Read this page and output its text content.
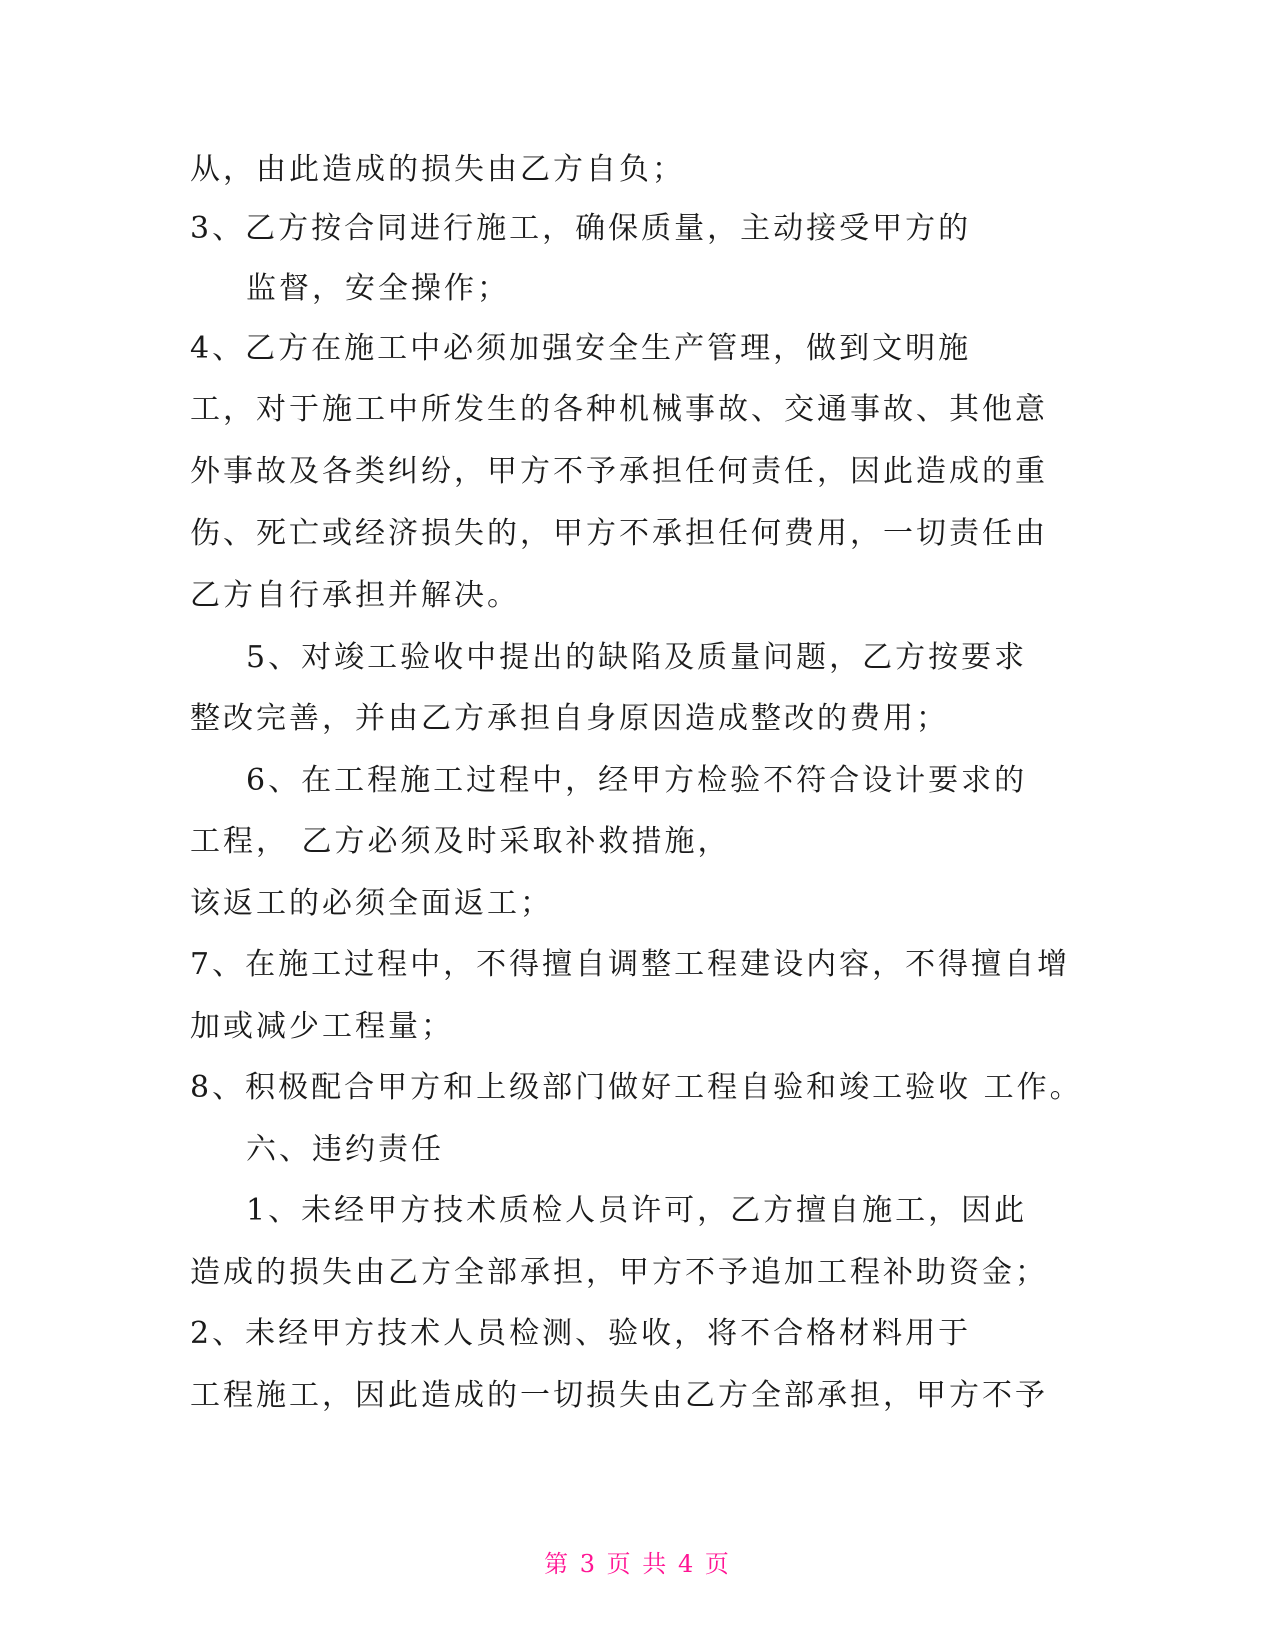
从，由此造成的损失由乙方自负；
3、乙方按合同进行施工，确保质量，主动接受甲方的
监督，安全操作；
4、乙方在施工中必须加强安全生产管理，做到文明施
工，对于施工中所发生的各种机械事故、交通事故、其他意
外事故及各类纠纷，甲方不予承担任何责任，因此造成的重
伤、死亡或经济损失的，甲方不承担任何费用，一切责任由
乙方自行承担并解决。
5、对竣工验收中提出的缺陷及质量问题，乙方按要求
整改完善，并由乙方承担自身原因造成整改的费用；
6、在工程施工过程中，经甲方检验不符合设计要求的
工程， 乙方必须及时采取补救措施，
该返工的必须全面返工；
7、在施工过程中，不得擅自调整工程建设内容，不得擅自增
加或减少工程量；
8、积极配合甲方和上级部门做好工程自验和竣工验收 工作。
六、违约责任
1、未经甲方技术质检人员许可，乙方擅自施工，因此
造成的损失由乙方全部承担，甲方不予追加工程补助资金；
2、未经甲方技术人员检测、验收，将不合格材料用于
工程施工，因此造成的一切损失由乙方全部承担，甲方不予
第 3 页 共 4 页
